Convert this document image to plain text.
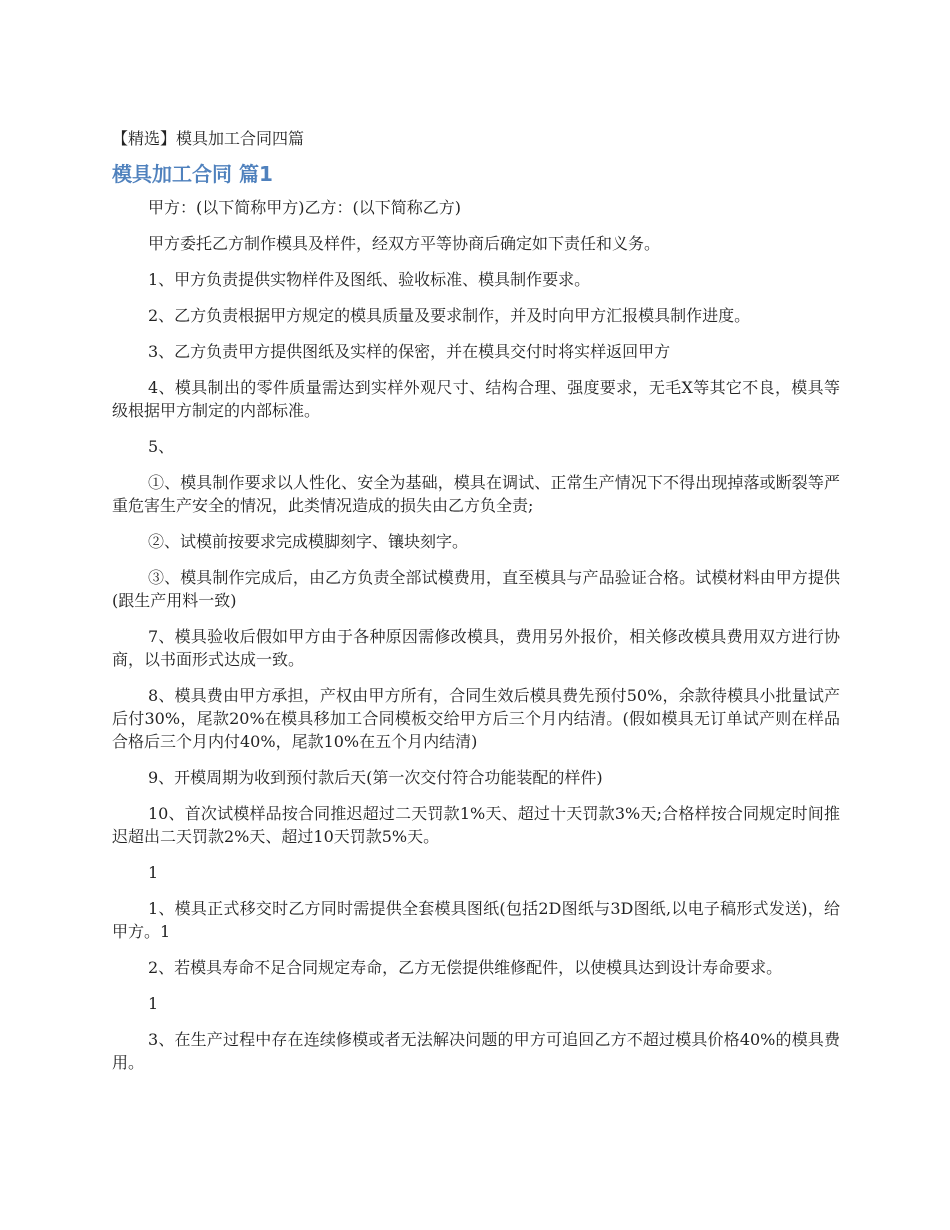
【精选】模具加工合同四篇

模具加工合同 篇1

甲方：(以下简称甲方)乙方：(以下简称乙方)

甲方委托乙方制作模具及样件，经双方平等协商后确定如下责任和义务。

1、甲方负责提供实物样件及图纸、验收标准、模具制作要求。

2、乙方负责根据甲方规定的模具质量及要求制作，并及时向甲方汇报模具制作进度。

3、乙方负责甲方提供图纸及实样的保密，并在模具交付时将实样返回甲方

4、模具制出的零件质量需达到实样外观尺寸、结构合理、强度要求，无毛X等其它不良，模具等级根据甲方制定的内部标准。

5、

①、模具制作要求以人性化、安全为基础，模具在调试、正常生产情况下不得出现掉落或断裂等严重危害生产安全的情况，此类情况造成的损失由乙方负全责;

②、试模前按要求完成模脚刻字、镶块刻字。

③、模具制作完成后，由乙方负责全部试模费用，直至模具与产品验证合格。试模材料由甲方提供(跟生产用料一致)

7、模具验收后假如甲方由于各种原因需修改模具，费用另外报价，相关修改模具费用双方进行协商，以书面形式达成一致。

8、模具费由甲方承担，产权由甲方所有，合同生效后模具费先预付50%，余款待模具小批量试产后付30%，尾款20%在模具移加工合同模板交给甲方后三个月内结清。(假如模具无订单试产则在样品合格后三个月内付40%，尾款10%在五个月内结清)

9、开模周期为收到预付款后天(第一次交付符合功能装配的样件)

10、首次试模样品按合同推迟超过二天罚款1%天、超过十天罚款3%天;合格样按合同规定时间推迟超出二天罚款2%天、超过10天罚款5%天。

1

1、模具正式移交时乙方同时需提供全套模具图纸(包括2D图纸与3D图纸,以电子稿形式发送)，给甲方。1

2、若模具寿命不足合同规定寿命，乙方无偿提供维修配件，以使模具达到设计寿命要求。

1

3、在生产过程中存在连续修模或者无法解决问题的甲方可追回乙方不超过模具价格40%的模具费用。
